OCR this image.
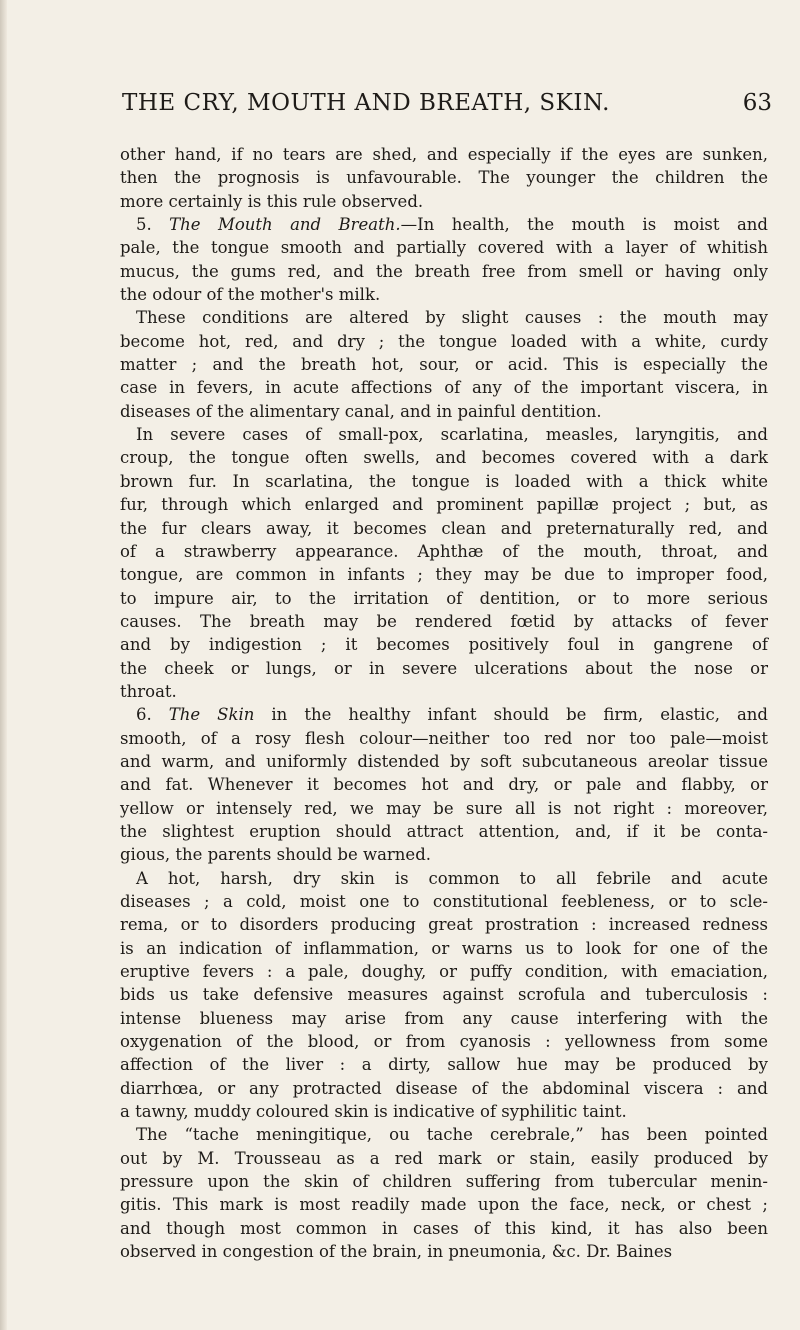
THE CRY, MOUTH AND BREATH, SKIN.	63

other hand, if no tears are shed, and especially if the eyes are sunken,

then the prognosis is unfavourable. The younger the children the

more certainly is this rule observed.

5. The Mouth and Breath.—In health, the mouth is moist and

pale, the tongue smooth and partially covered with a layer of whitish

mucus, the gums red, and the breath free from smell or having only

the odour of the mother's milk.

These conditions are altered by slight causes : the mouth may

become hot, red, and dry ; the tongue loaded with a white, curdy

matter ; and the breath hot, sour, or acid. This is especially the

case in fevers, in acute affections of any of the important viscera, in

diseases of the alimentary canal, and in painful dentition.

In severe cases of small-pox, scarlatina, measles, laryngitis, and

croup, the tongue often swells, and becomes covered with a dark

brown fur. In scarlatina, the tongue is loaded with a thick white

fur, through which enlarged and prominent papillæ project ; but, as

the fur clears away, it becomes clean and preternaturally red, and

of a strawberry appearance. Aphthæ of the mouth, throat, and

tongue, are common in infants ; they may be due to improper food,

to impure air, to the irritation of dentition, or to more serious

causes. The breath may be rendered fœtid by attacks of fever

and by indigestion ; it becomes positively foul in gangrene of

the cheek or lungs, or in severe ulcerations about the nose or

throat.

6. The Skin in the healthy infant should be firm, elastic, and

smooth, of a rosy flesh colour—neither too red nor too pale—moist

and warm, and uniformly distended by soft subcutaneous areolar tissue

and fat. Whenever it becomes hot and dry, or pale and flabby, or

yellow or intensely red, we may be sure all is not right : moreover,

the slightest eruption should attract attention, and, if it be conta-

gious, the parents should be warned.

A hot, harsh, dry skin is common to all febrile and acute

diseases ; a cold, moist one to constitutional feebleness, or to scle-

rema, or to disorders producing great prostration : increased redness

is an indication of inflammation, or warns us to look for one of the

eruptive fevers : a pale, doughy, or puffy condition, with emaciation,

bids us take defensive measures against scrofula and tuberculosis :

intense blueness may arise from any cause interfering with the

oxygenation of the blood, or from cyanosis : yellowness from some

affection of the liver : a dirty, sallow hue may be produced by

diarrhœa, or any protracted disease of the abdominal viscera : and

a tawny, muddy coloured skin is indicative of syphilitic taint.

The “tache meningitique, ou tache cerebrale,” has been pointed

out by M. Trousseau as a red mark or stain, easily produced by

pressure upon the skin of children suffering from tubercular menin-

gitis. This mark is most readily made upon the face, neck, or chest ;

and though most common in cases of this kind, it has also been

observed in congestion of the brain, in pneumonia, &c. Dr. Baines
